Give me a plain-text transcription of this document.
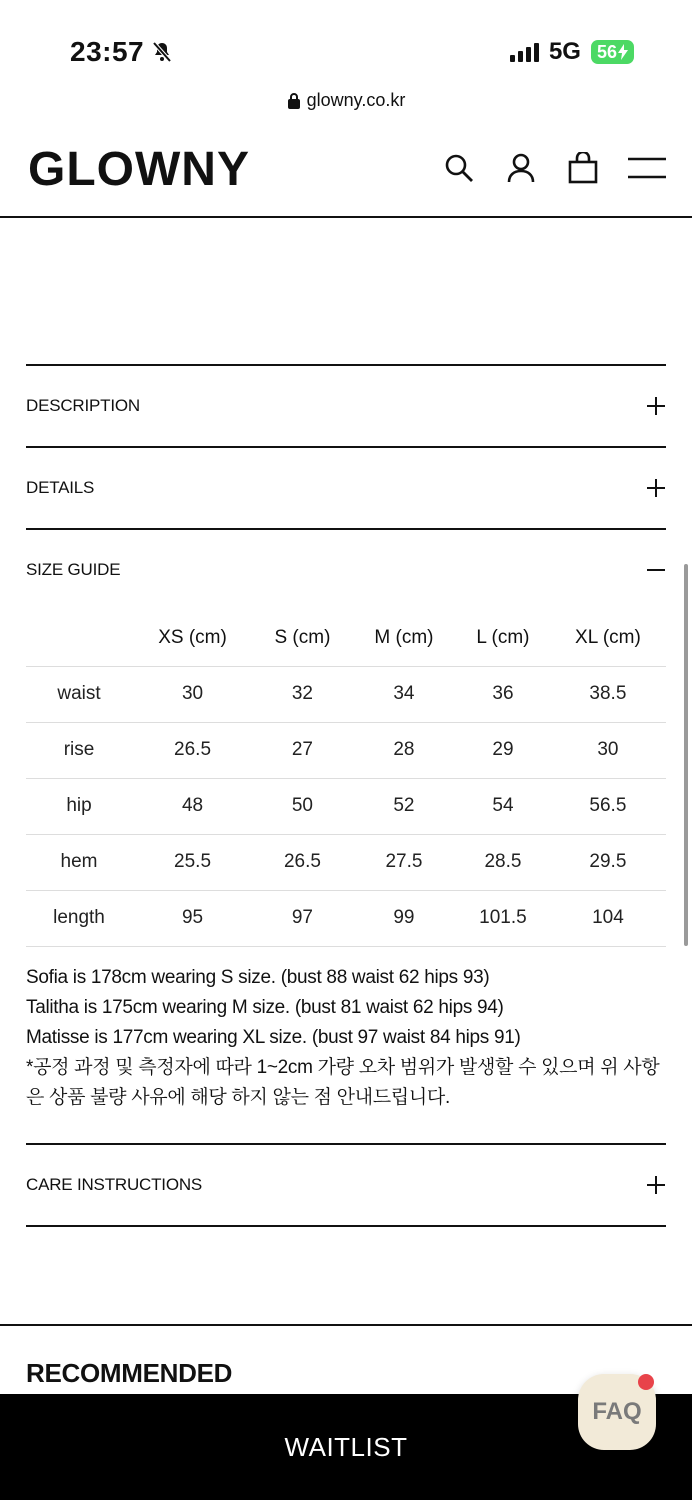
23:57	5G 56
glowny.co.kr
GLOWNY
DESCRIPTION
DETAILS
SIZE GUIDE
	XS (cm)	S (cm)	M (cm)	L (cm)	XL (cm)
waist	30	32	34	36	38.5
rise	26.5	27	28	29	30
hip	48	50	52	54	56.5
hem	25.5	26.5	27.5	28.5	29.5
length	95	97	99	101.5	104
Sofia is 178cm wearing S size. (bust 88 waist 62 hips 93)
Talitha is 175cm wearing M size. (bust 81 waist 62 hips 94)
Matisse is 177cm wearing XL size. (bust 97 waist 84 hips 91)
*공정 과정 및 측정자에 따라 1~2cm 가량 오차 범위가 발생할 수 있으며 위 사항은 상품 불량 사유에 해당 하지 않는 점 안내드립니다.
CARE INSTRUCTIONS
RECOMMENDED
WAITLIST
FAQ
